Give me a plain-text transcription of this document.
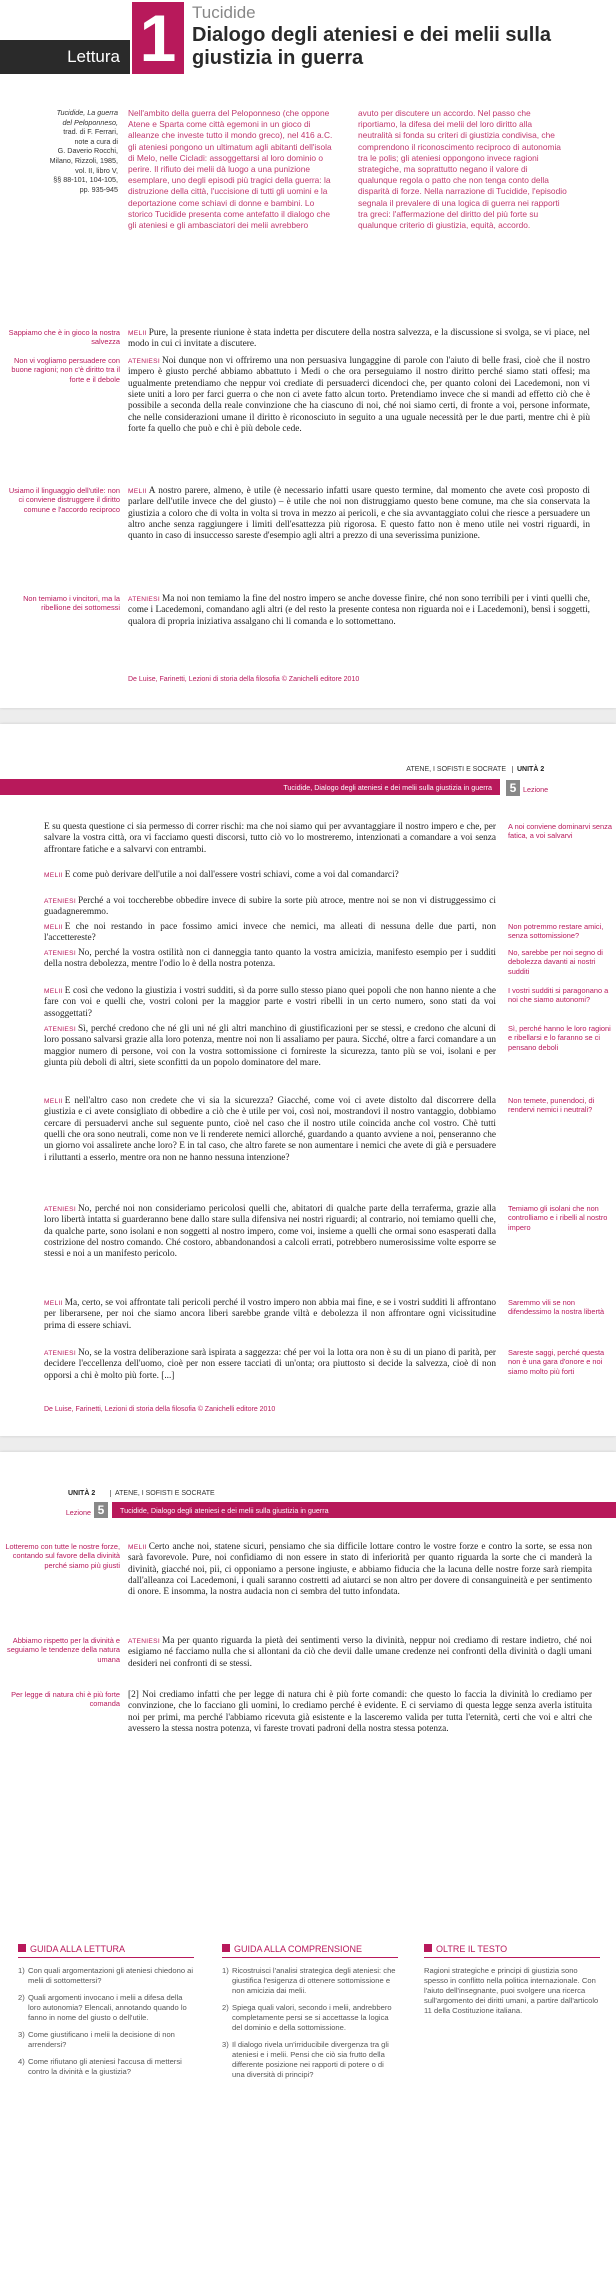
Lettura 1 Tucidide
Dialogo degli ateniesi e dei melii sulla giustizia in guerra
Tucidide, La guerra
del Peloponneso,
trad. di F. Ferrari,
note a cura di
G. Daverio Rocchi,
Milano, Rizzoli, 1985,
vol. II, libro V,
§§ 88-101, 104-105,
pp. 935-945
Nell'ambito della guerra del Peloponneso (che oppone Atene e Sparta come città egemoni in un gioco di alleanze che investe tutto il mondo greco), nel 416 a.C. gli ateniesi pongono un ultimatum agli abitanti dell'isola di Melo, nelle Cicladi: assoggettarsi al loro dominio o perire. Il rifiuto dei melii dà luogo a una punizione esemplare, uno degli episodi più tragici della guerra: la distruzione della città, l'uccisione di tutti gli uomini e la deportazione come schiavi di donne e bambini. Lo storico Tucidide presenta come antefatto il dialogo che gli ateniesi e gli ambasciatori dei melii avrebbero
avuto per discutere un accordo. Nel passo che riportiamo, la difesa dei melii del loro diritto alla neutralità si fonda su criteri di giustizia condivisa, che comprendono il riconoscimento reciproco di autonomia tra le polis; gli ateniesi oppongono invece ragioni strategiche, ma soprattutto negano il valore di qualunque regola o patto che non tenga conto della disparità di forze. Nella narrazione di Tucidide, l'episodio segnala il prevalere di una logica di guerra nei rapporti tra greci: l'affermazione del diritto del più forte su qualunque criterio di giustizia, equità, accordo.
Sappiamo che è in gioco la nostra salvezza
Non vi vogliamo persuadere con buone ragioni; non c'è diritto tra il forte e il debole
Usiamo il linguaggio dell'utile: non ci conviene distruggere il diritto comune e l'accordo reciproco
Non temiamo i vincitori, ma la ribellione dei sottomessi

MELII Pure, la presente riunione è stata indetta per discutere della nostra salvezza, e la discussione si svolga, se vi piace, nel modo in cui ci invitate a discutere.

ATENIESI Noi dunque non vi offriremo una non persuasiva lungaggine di parole con l'aiuto di belle frasi, cioè che il nostro impero è giusto perché abbiamo abbattuto i Medi o che ora perseguiamo il nostro diritto perché siamo stati offesi; ma ugualmente pretendiamo che neppur voi crediate di persuaderci dicendoci che, per quanto coloni dei Lacedemoni, non vi siete uniti a loro per farci guerra o che non ci avete fatto alcun torto. Pretendiamo invece che si mandi ad effetto ciò che è possibile a seconda della reale convinzione che ha ciascuno di noi, ché noi siamo certi, di fronte a voi, persone informate, che nelle considerazioni umane il diritto è riconosciuto in seguito a una uguale necessità per le due parti, mentre chi è più forte fa quello che può e chi è più debole cede.

MELII A nostro parere, almeno, è utile (è necessario infatti usare questo termine, dal momento che avete così proposto di parlare dell'utile invece che del giusto) – è utile che noi non distruggiamo questo bene comune, ma che sia conservata la giustizia a coloro che di volta in volta si trova in mezzo ai pericoli, e che sia avvantaggiato colui che riesce a persuadere un altro anche senza raggiungere i limiti dell'esattezza più rigorosa. E questo fatto non è meno utile nei vostri riguardi, in quanto in caso di insuccesso sareste d'esempio agli altri a prezzo di una severissima punizione.

ATENIESI Ma noi non temiamo la fine del nostro impero se anche dovesse finire, ché non sono terribili per i vinti quelli che, come i Lacedemoni, comandano agli altri (e del resto la presente contesa non riguarda noi e i Lacedemoni), bensì i soggetti, qualora di propria iniziativa assalgano chi li comanda e lo sottomettano.

De Luise, Farinetti, Lezioni di storia della filosofia © Zanichelli editore 2010
ATENE, I SOFISTI E SOCRATE	UNITÀ 2
Tucidide, Dialogo degli ateniesi e dei melii sulla giustizia in guerra	5 Lezione

E su questa questione ci sia permesso di correr rischi: ma che noi siamo qui per avvantaggiare il nostro impero e che, per salvare la vostra città, ora vi facciamo questi discorsi, tutto ciò vo lo mostreremo, intenzionati a comandare a voi senza affrontare fatiche e a salvarvi con entrambi.

MELII E come può derivare dell'utile a noi dall'essere vostri schiavi, come a voi dal comandarci?

ATENIESI Perché a voi toccherebbe obbedire invece di subire la sorte più atroce, mentre noi se non vi distruggessimo ci guadagneremmo.

MELII E che noi restando in pace fossimo amici invece che nemici, ma alleati di nessuna delle due parti, non l'accettereste?

ATENIESI No, perché la vostra ostilità non ci danneggia tanto quanto la vostra amicizia, manifesto esempio per i sudditi della nostra debolezza, mentre l'odio lo è della nostra potenza.

MELII E così che vedono la giustizia i vostri sudditi, sì da porre sullo stesso piano quei popoli che non hanno niente a che fare con voi e quelli che, vostri coloni per la maggior parte e vostri ribelli in un certo numero, sono stati da voi assoggettati?

ATENIESI Sì, perché credono che né gli uni né gli altri manchino di giustificazioni per se stessi, e credono che alcuni di loro possano salvarsi grazie alla loro potenza, mentre noi non li assaliamo per paura. Sicché, oltre a farci comandare a un maggior numero di persone, voi con la vostra sottomissione ci fornireste la sicurezza, tanto più se voi, isolani e per giunta più deboli di altri, siete sconfitti da un popolo dominatore del mare.

MELII E nell'altro caso non credete che vi sia la sicurezza? Giacché, come voi ci avete distolto dal discorrere della giustizia e ci avete consigliato di obbedire a ciò che è utile per voi, così noi, mostrandovi il nostro vantaggio, dobbiamo cercare di persuadervi anche sul seguente punto, cioè nel caso che il nostro utile coincida anche col vostro. Chè tutti quelli che ora sono neutrali, come non ve li renderete nemici allorché, guardando a quanto avviene a noi, penseranno che un giorno voi assalirete anche loro? E in tal caso, che altro farete se non aumentare i nemici che avete di già e persuadere i riluttanti a esserlo, mentre ora non ne hanno nessuna intenzione?

ATENIESI No, perché noi non consideriamo pericolosi quelli che, abitatori di qualche parte della terraferma, grazie alla loro libertà intatta si guarderanno bene dallo stare sulla difensiva nei nostri riguardi; al contrario, noi temiamo quelli che, da qualche parte, sono isolani e non soggetti al nostro impero, come voi, insieme a quelli che ormai sono esasperati dalla costrizione del nostro comando. Ché costoro, abbandonandosi a calcoli errati, potrebbero numerosissime volte esporre se stessi e noi a un manifesto pericolo.

MELII Ma, certo, se voi affrontate tali pericoli perché il vostro impero non abbia mai fine, e se i vostri sudditi li affrontano per liberarsene, per noi che siamo ancora liberi sarebbe grande viltà e debolezza il non affrontare ogni vicissitudine prima di essere schiavi.

ATENIESI No, se la vostra deliberazione sarà ispirata a saggezza: ché per voi la lotta ora non è su di un piano di parità, per decidere l'eccellenza dell'uomo, cioè per non essere tacciati di un'onta; ora piuttosto si decide la salvezza, cioè di non opporsi a chi è molto più forte. [...]

A noi conviene dominarvi senza fatica, a voi salvarvi
Non potremmo restare amici, senza sottomissione?
No, sarebbe per noi segno di debolezza davanti ai nostri sudditi
I vostri sudditi si paragonano a noi che siamo autonomi?
Sì, perché hanno le loro ragioni e ribellarsi e lo faranno se ci pensano deboli
Non temete, punendoci, di rendervi nemici i neutrali?
Temiamo gli isolani che non controlliamo e i ribelli al nostro impero
Saremmo vili se non difendessimo la nostra libertà
Sareste saggi, perché questa non è una gara d'onore e noi siamo molto più forti
De Luise, Farinetti, Lezioni di storia della filosofia © Zanichelli editore 2010
UNITÀ 2	ATENE, I SOFISTI E SOCRATE
Lezione 5	Tucidide, Dialogo degli ateniesi e dei melii sulla giustizia in guerra
Lotteremo con tutte le nostre forze, contando sul favore della divinità perché siamo più giusti
Abbiamo rispetto per la divinità e seguiamo le tendenze della natura umana
Per legge di natura chi è più forte comanda

MELII Certo anche noi, statene sicuri, pensiamo che sia difficile lottare contro le vostre forze e contro la sorte, se essa non sarà favorevole. Pure, noi confidiamo di non essere in stato di inferiorità per quanto riguarda la sorte che ci manderà la divinità, giacché noi, pii, ci opponiamo a persone ingiuste, e abbiamo fiducia che la lacuna delle nostre forze sarà riempita dall'alleanza coi Lacedemoni, i quali saranno costretti ad aiutarci se non altro per dovere di consanguineità e per sentimento di onore. E insomma, la nostra audacia non ci sembra del tutto infondata.

ATENIESI Ma per quanto riguarda la pietà dei sentimenti verso la divinità, neppur noi crediamo di restare indietro, ché noi esigiamo né facciamo nulla che si allontani da ciò che devii dalle umane credenze nei confronti della divinità o dagli umani desideri nei confronti di se stessi.

[2] Noi crediamo infatti che per legge di natura chi è più forte comandi: che questo lo faccia la divinità lo crediamo per convinzione, che lo facciano gli uomini, lo crediamo perché è evidente. E ci serviamo di questa legge senza averla istituita noi per primi, ma perché l'abbiamo ricevuta già esistente e la lasceremo valida per tutta l'eternità, certi che voi e altri che avessero la stessa nostra potenza, vi fareste trovati padroni della nostra stessa potenza.

GUIDA ALLA LETTURA
1) Con quali argomentazioni gli ateniesi chiedono ai melii di sottomettersi?
2) Quali argomenti invocano i melii a difesa della loro autonomia? Elencali, annotando quando lo fanno in nome del giusto o dell'utile.
3) Come giustificano i melii la decisione di non arrendersi?
4) Come rifiutano gli ateniesi l'accusa di mettersi contro la divinità e la giustizia?
GUIDA ALLA COMPRENSIONE
1) Ricostruisci l'analisi strategica degli ateniesi: che giustifica l'esigenza di ottenere sottomissione e non amicizia dai melii.
2) Spiega quali valori, secondo i melii, andrebbero completamente persi se si accettasse la logica del dominio e della sottomissione.
3) Il dialogo rivela un'irriducibile divergenza tra gli ateniesi e i melii. Pensi che ciò sia frutto della differente posizione nei rapporti di potere o di una diversità di principi?
OLTRE IL TESTO
Ragioni strategiche e principi di giustizia sono spesso in conflitto nella politica internazionale. Con l'aiuto dell'insegnante, puoi svolgere una ricerca sull'argomento dei diritti umani, a partire dall'articolo 11 della Costituzione italiana.
